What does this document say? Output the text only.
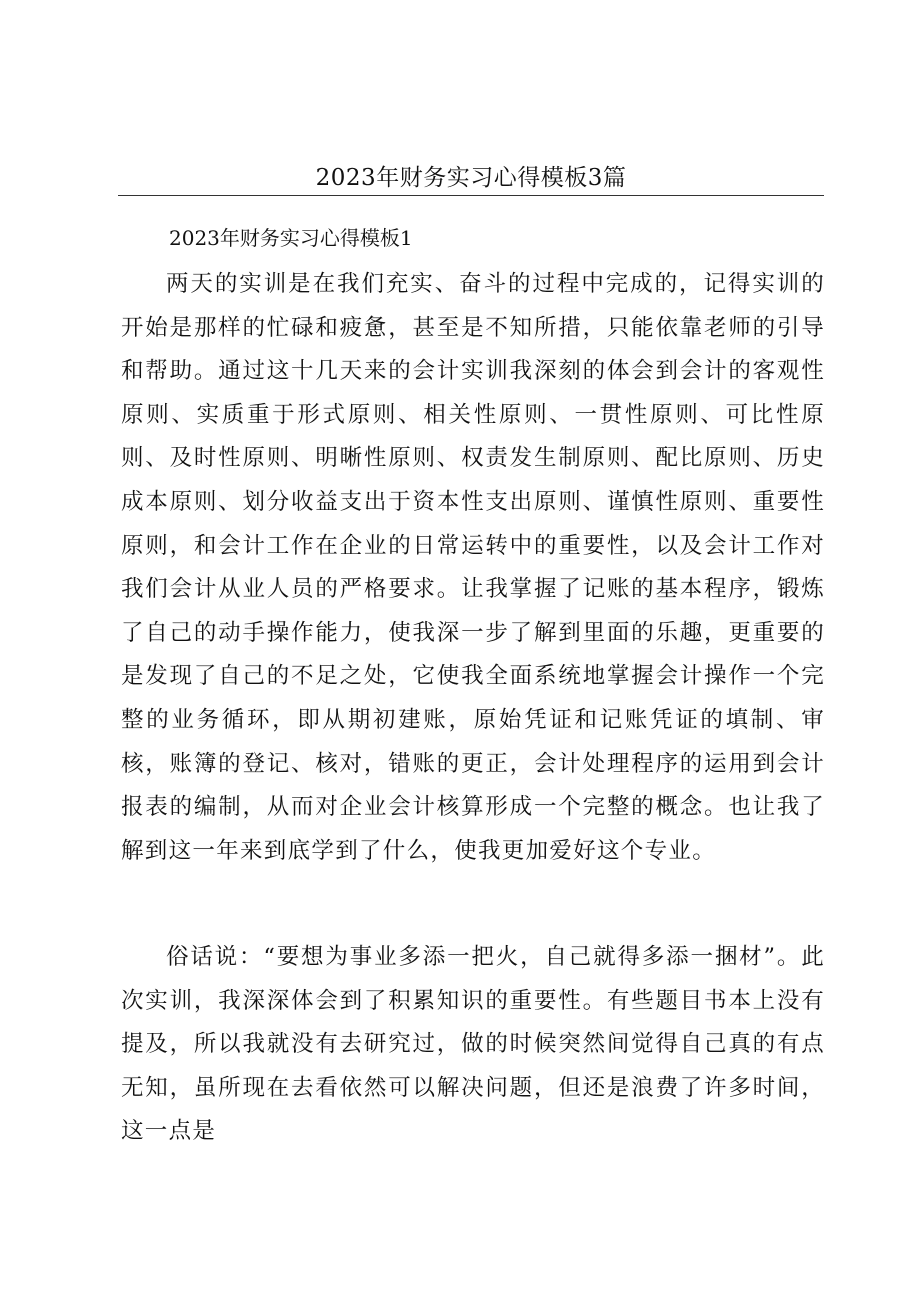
2023年财务实习心得模板3篇
2023年财务实习心得模板1

两天的实训是在我们充实、奋斗的过程中完成的，记得实训的开始是那样的忙碌和疲惫，甚至是不知所措，只能依靠老师的引导和帮助。通过这十几天来的会计实训我深刻的体会到会计的客观性原则、实质重于形式原则、相关性原则、一贯性原则、可比性原则、及时性原则、明晰性原则、权责发生制原则、配比原则、历史成本原则、划分收益支出于资本性支出原则、谨慎性原则、重要性原则，和会计工作在企业的日常运转中的重要性，以及会计工作对我们会计从业人员的严格要求。让我掌握了记账的基本程序，锻炼了自己的动手操作能力，使我深一步了解到里面的乐趣，更重要的是发现了自己的不足之处，它使我全面系统地掌握会计操作一个完整的业务循环，即从期初建账，原始凭证和记账凭证的填制、审核，账簿的登记、核对，错账的更正，会计处理程序的运用到会计报表的编制，从而对企业会计核算形成一个完整的概念。也让我了解到这一年来到底学到了什么，使我更加爱好这个专业。

俗话说：“要想为事业多添一把火，自己就得多添一捆材”。此次实训，我深深体会到了积累知识的重要性。有些题目书本上没有提及，所以我就没有去研究过，做的时候突然间觉得自己真的有点无知，虽所现在去看依然可以解决问题，但还是浪费了许多时间，这一点是
